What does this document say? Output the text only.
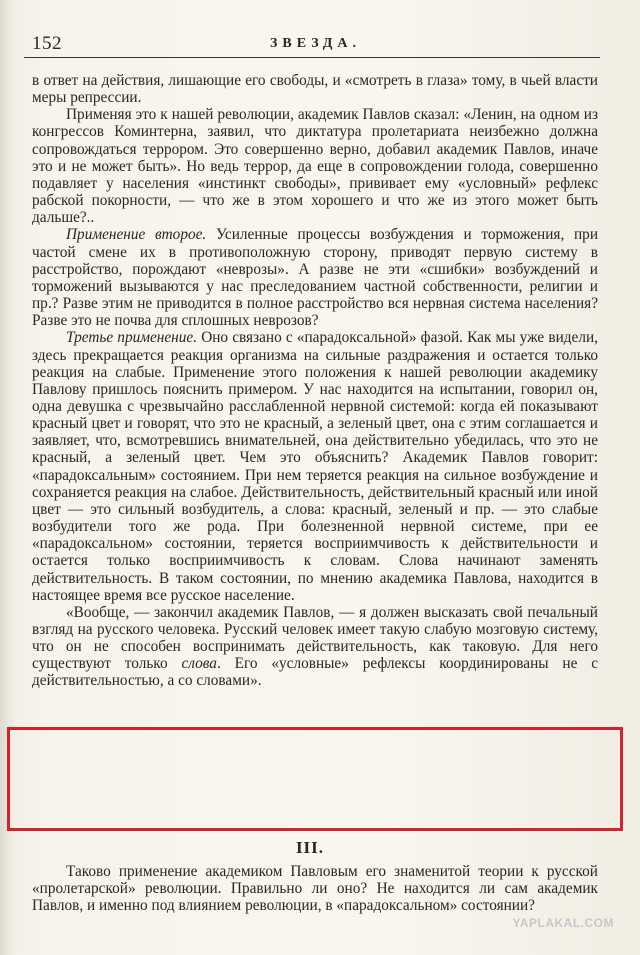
152	ЗВЕЗДА.

в ответ на действия, лишающие его свободы, и «смотреть в глаза» тому, в чьей власти меры репрессии.

Применяя это к нашей революции, академик Павлов сказал: «Ленин, на одном из конгрессов Коминтерна, заявил, что диктатура пролетариата неизбежно должна сопровождаться террором. Это совершенно верно, добавил академик Павлов, иначе это и не может быть». Но ведь террор, да еще в сопровождении голода, совершенно подавляет у населения «инстинкт свободы», прививает ему «условный» рефлекс рабской покорности, — что же в этом хорошего и что же из этого может быть дальше?..

Применение второе. Усиленные процессы возбуждения и торможения, при частой смене их в противоположную сторону, приводят первую систему в расстройство, порождают «неврозы». А разве не эти «сшибки» возбуждений и торможений вызываются у нас преследованием частной собственности, религии и пр.? Разве этим не приводится в полное расстройство вся нервная система населения? Разве это не почва для сплошных неврозов?

Третье применение. Оно связано с «парадоксальной» фазой. Как мы уже видели, здесь прекращается реакция организма на сильные раздражения и остается только реакция на слабые. Применение этого положения к нашей революции академику Павлову пришлось пояснить примером. У нас находится на испытании, говорил он, одна девушка с чрезвычайно расслабленной нервной системой: когда ей показывают красный цвет и говорят, что это не красный, а зеленый цвет, она с этим соглашается и заявляет, что, всмотревшись внимательней, она действительно убедилась, что это не красный, а зеленый цвет. Чем это объяснить? Академик Павлов говорит: «парадоксальным» состоянием. При нем теряется реакция на сильное возбуждение и сохраняется реакция на слабое. Действительность, действительный красный или иной цвет — это сильный возбудитель, а слова: красный, зеленый и пр. — это слабые возбудители того же рода. При болезненной нервной системе, при ее «парадоксальном» состоянии, теряется восприимчивость к действительности и остается только восприимчивость к словам. Слова начинают заменять действительность. В таком состоянии, по мнению академика Павлова, находится в настоящее время все русское население.

«Вообще, — закончил академик Павлов, — я должен высказать свой печальный взгляд на русского человека. Русский человек имеет такую слабую мозговую систему, что он не способен воспринимать действительность, как таковую. Для него существуют только слова. Его «условные» рефлексы координированы не с действительностью, а со словами».

III.

Таково применение академиком Павловым его знаменитой теории к русской «пролетарской» революции. Правильно ли оно? Не находится ли сам академик Павлов, и именно под влиянием революции, в «парадоксальном» состоянии?

YAPLAKAL.COM
